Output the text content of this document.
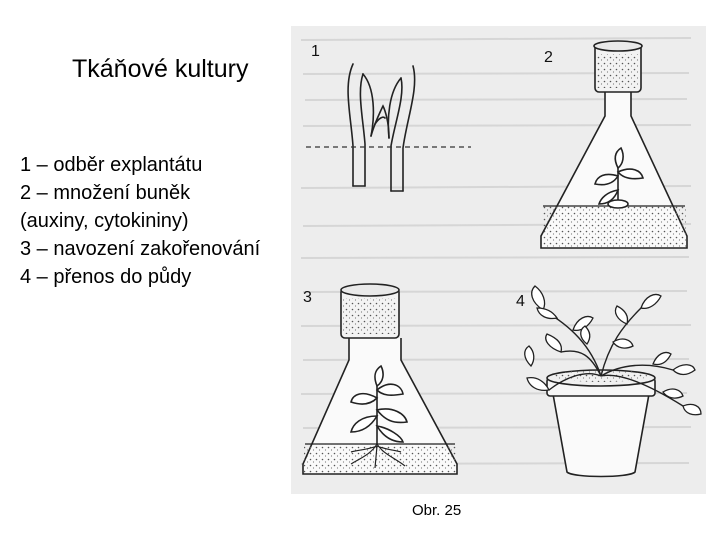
Tkáňové kultury

1 – odběr explantátu

2 – množení buněk

(auxiny, cytokininy)

3 – navození zakořenování

4 – přenos do půdy

1	2
3	4
Obr. 25
